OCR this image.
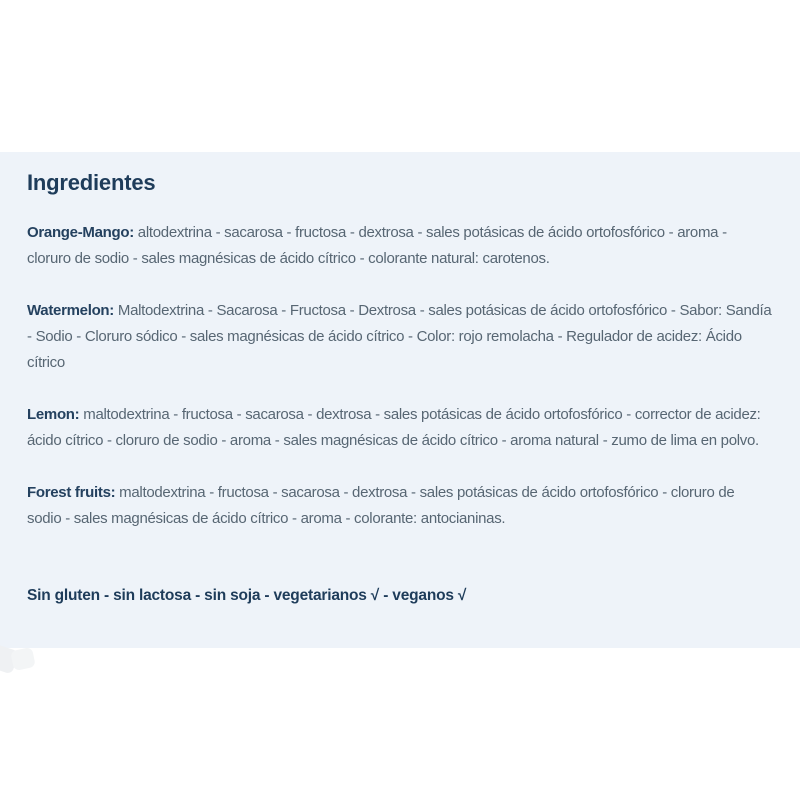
Ingredientes

Orange-Mango: altodextrina - sacarosa - fructosa - dextrosa - sales potásicas de ácido ortofosfórico - aroma - cloruro de sodio - sales magnésicas de ácido cítrico - colorante natural: carotenos.

Watermelon: Maltodextrina - Sacarosa - Fructosa - Dextrosa - sales potásicas de ácido ortofosfórico - Sabor: Sandía - Sodio - Cloruro sódico - sales magnésicas de ácido cítrico - Color: rojo remolacha - Regulador de acidez: Ácido cítrico

Lemon: maltodextrina - fructosa - sacarosa - dextrosa - sales potásicas de ácido ortofosfórico - corrector de acidez: ácido cítrico - cloruro de sodio - aroma - sales magnésicas de ácido cítrico - aroma natural - zumo de lima en polvo.

Forest fruits: maltodextrina - fructosa - sacarosa - dextrosa - sales potásicas de ácido ortofosfórico - cloruro de sodio - sales magnésicas de ácido cítrico - aroma - colorante: antocianinas.

Sin gluten - sin lactosa - sin soja - vegetarianos √ - veganos √
